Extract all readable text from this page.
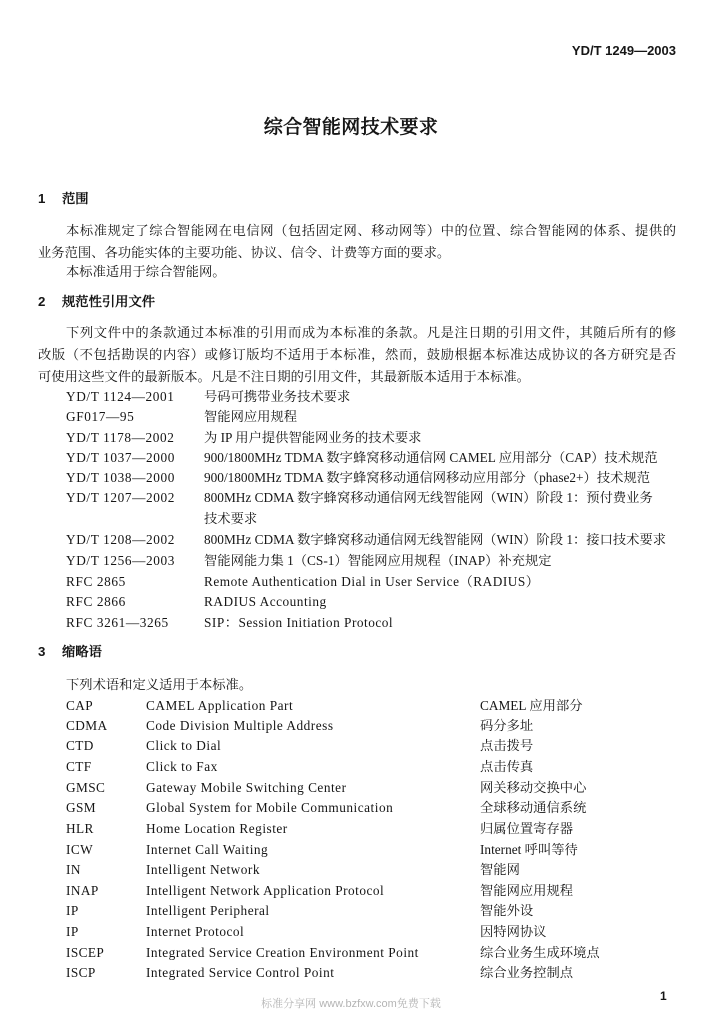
YD/T 1249—2003
综合智能网技术要求
1 范围
本标准规定了综合智能网在电信网（包括固定网、移动网等）中的位置、综合智能网的体系、提供的
业务范围、各功能实体的主要功能、协议、信令、计费等方面的要求。
本标准适用于综合智能网。
2 规范性引用文件
下列文件中的条款通过本标准的引用而成为本标准的条款。凡是注日期的引用文件，其随后所有的修
改版（不包括勘误的内容）或修订版均不适用于本标准，然而，鼓励根据本标准达成协议的各方研究是否
可使用这些文件的最新版本。凡是不注日期的引用文件，其最新版本适用于本标准。
YD/T 1124—2001 号码可携带业务技术要求
GF017—95	智能网应用规程
YD/T 1178—2002 为 IP 用户提供智能网业务的技术要求
YD/T 1037—2000 900/1800MHz TDMA 数字蜂窝移动通信网 CAMEL 应用部分（CAP）技术规范
YD/T 1038—2000 900/1800MHz TDMA 数字蜂窝移动通信网移动应用部分（phase2+）技术规范
YD/T 1207—2002 800MHz CDMA 数字蜂窝移动通信网无线智能网（WIN）阶段 1：预付费业务
技术要求
YD/T 1208—2002 800MHz CDMA 数字蜂窝移动通信网无线智能网（WIN）阶段 1：接口技术要求
YD/T 1256—2003 智能网能力集 1（CS-1）智能网应用规程（INAP）补充规定
RFC 2865	Remote Authentication Dial in User Service（RADIUS）
RFC 2866	RADIUS Accounting
RFC 3261—3265	SIP：Session Initiation Protocol
3 缩略语
下列术语和定义适用于本标准。
CAP	CAMEL Application Part	CAMEL 应用部分
CDMA	Code Division Multiple Address	码分多址
CTD	Click to Dial	点击拨号
CTF	Click to Fax	点击传真
GMSC	Gateway Mobile Switching Center	网关移动交换中心
GSM	Global System for Mobile Communication	全球移动通信系统
HLR	Home Location Register	归属位置寄存器
ICW	Internet Call Waiting	Internet 呼叫等待
IN	Intelligent Network	智能网
INAP	Intelligent Network Application Protocol	智能网应用规程
IP	Intelligent Peripheral	智能外设
IP	Internet Protocol	因特网协议
ISCEP	Integrated Service Creation Environment Point	综合业务生成环境点
ISCP	Integrated Service Control Point	综合业务控制点
1
标准分享网 www.bzfxw.com免费下载
